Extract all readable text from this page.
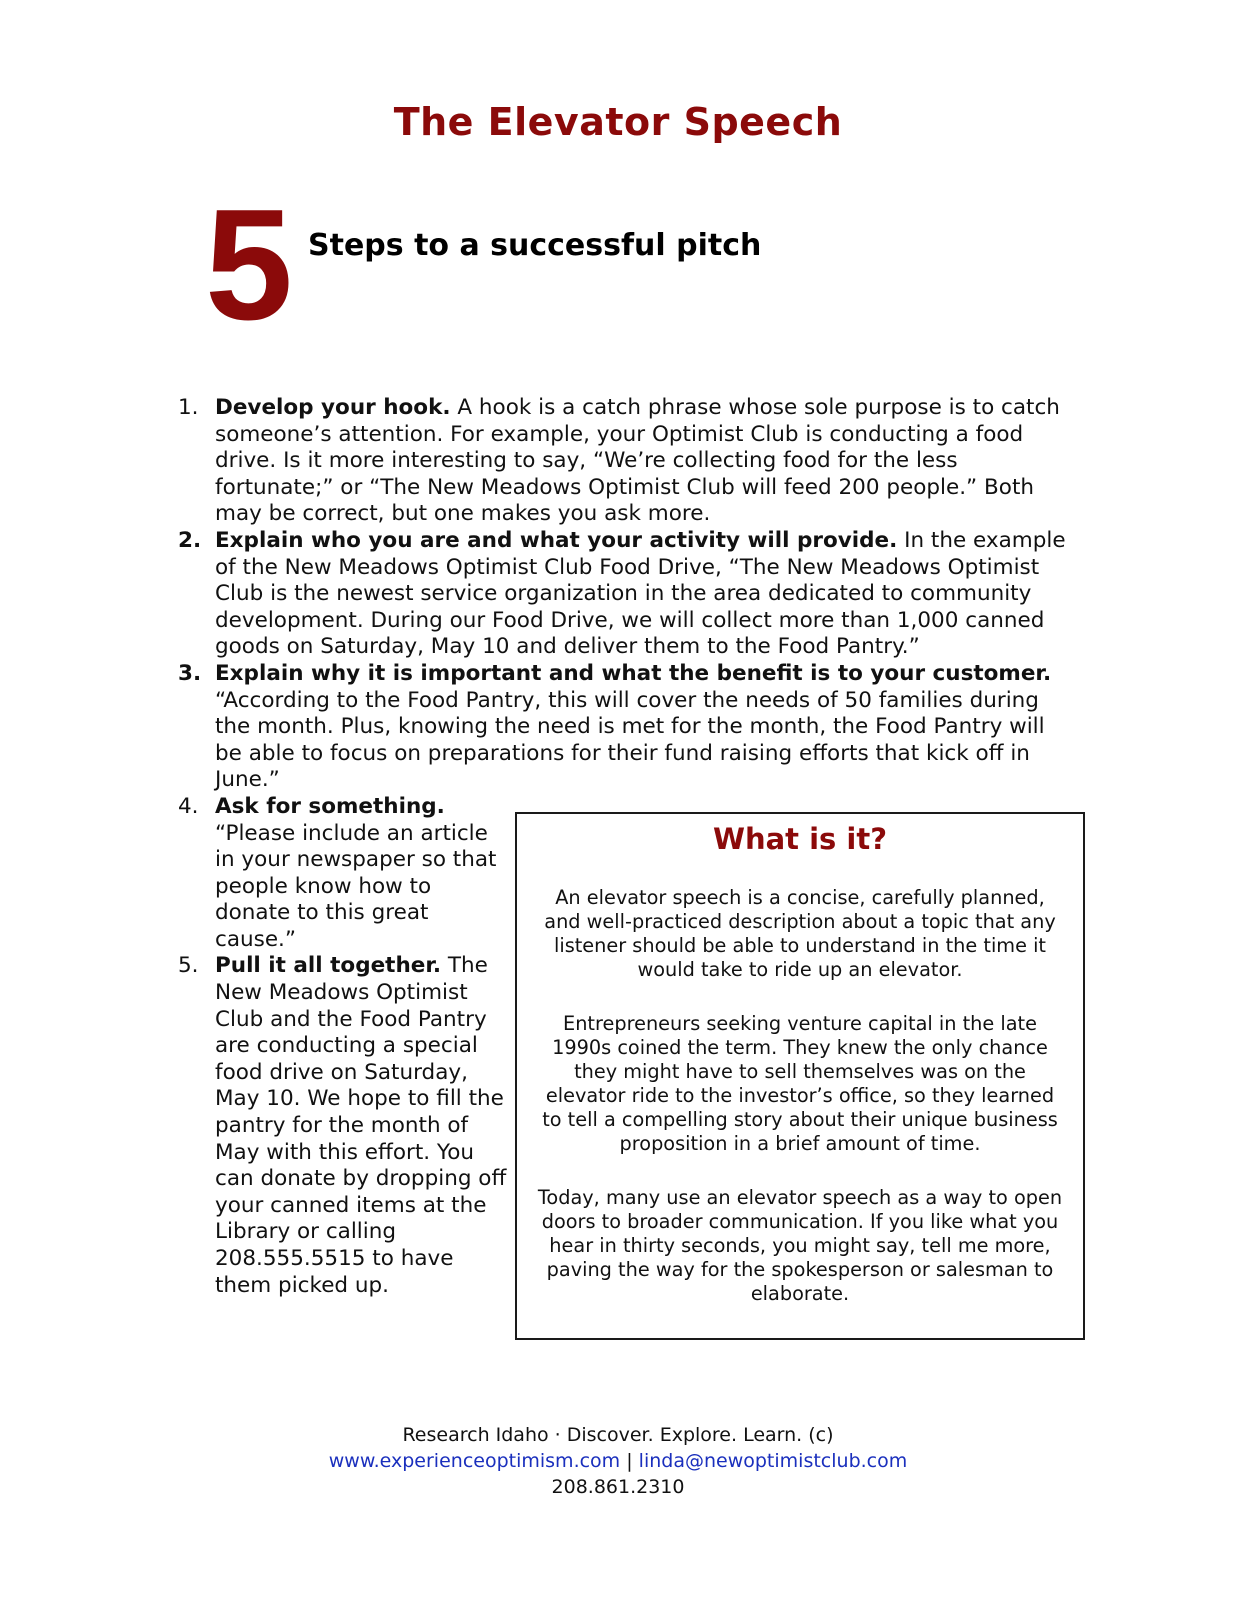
The Elevator Speech
5 Steps to a successful pitch
1. Develop your hook. A hook is a catch phrase whose sole purpose is to catch someone’s attention. For example, your Optimist Club is conducting a food drive. Is it more interesting to say, “We’re collecting food for the less fortunate;” or “The New Meadows Optimist Club will feed 200 people.” Both may be correct, but one makes you ask more.
2. Explain who you are and what your activity will provide. In the example of the New Meadows Optimist Club Food Drive, “The New Meadows Optimist Club is the newest service organization in the area dedicated to community development. During our Food Drive, we will collect more than 1,000 canned goods on Saturday, May 10 and deliver them to the Food Pantry.”
3. Explain why it is important and what the benefit is to your customer.
“According to the Food Pantry, this will cover the needs of 50 families during the month. Plus, knowing the need is met for the month, the Food Pantry will be able to focus on preparations for their fund raising efforts that kick off in June.”
4. Ask for something.
“Please include an article in your newspaper so that people know how to donate to this great cause.”
5. Pull it all together. The New Meadows Optimist Club and the Food Pantry are conducting a special food drive on Saturday, May 10. We hope to fill the pantry for the month of May with this effort. You can donate by dropping off your canned items at the Library or calling 208.555.5515 to have them picked up.
What is it?

An elevator speech is a concise, carefully planned, and well-practiced description about a topic that any listener should be able to understand in the time it would take to ride up an elevator.

Entrepreneurs seeking venture capital in the late 1990s coined the term. They knew the only chance they might have to sell themselves was on the elevator ride to the investor’s office, so they learned to tell a compelling story about their unique business proposition in a brief amount of time.

Today, many use an elevator speech as a way to open doors to broader communication. If you like what you hear in thirty seconds, you might say, tell me more, paving the way for the spokesperson or salesman to elaborate.

Research Idaho · Discover. Explore. Learn. (c)
www.experienceoptimism.com | linda@newoptimistclub.com
208.861.2310
